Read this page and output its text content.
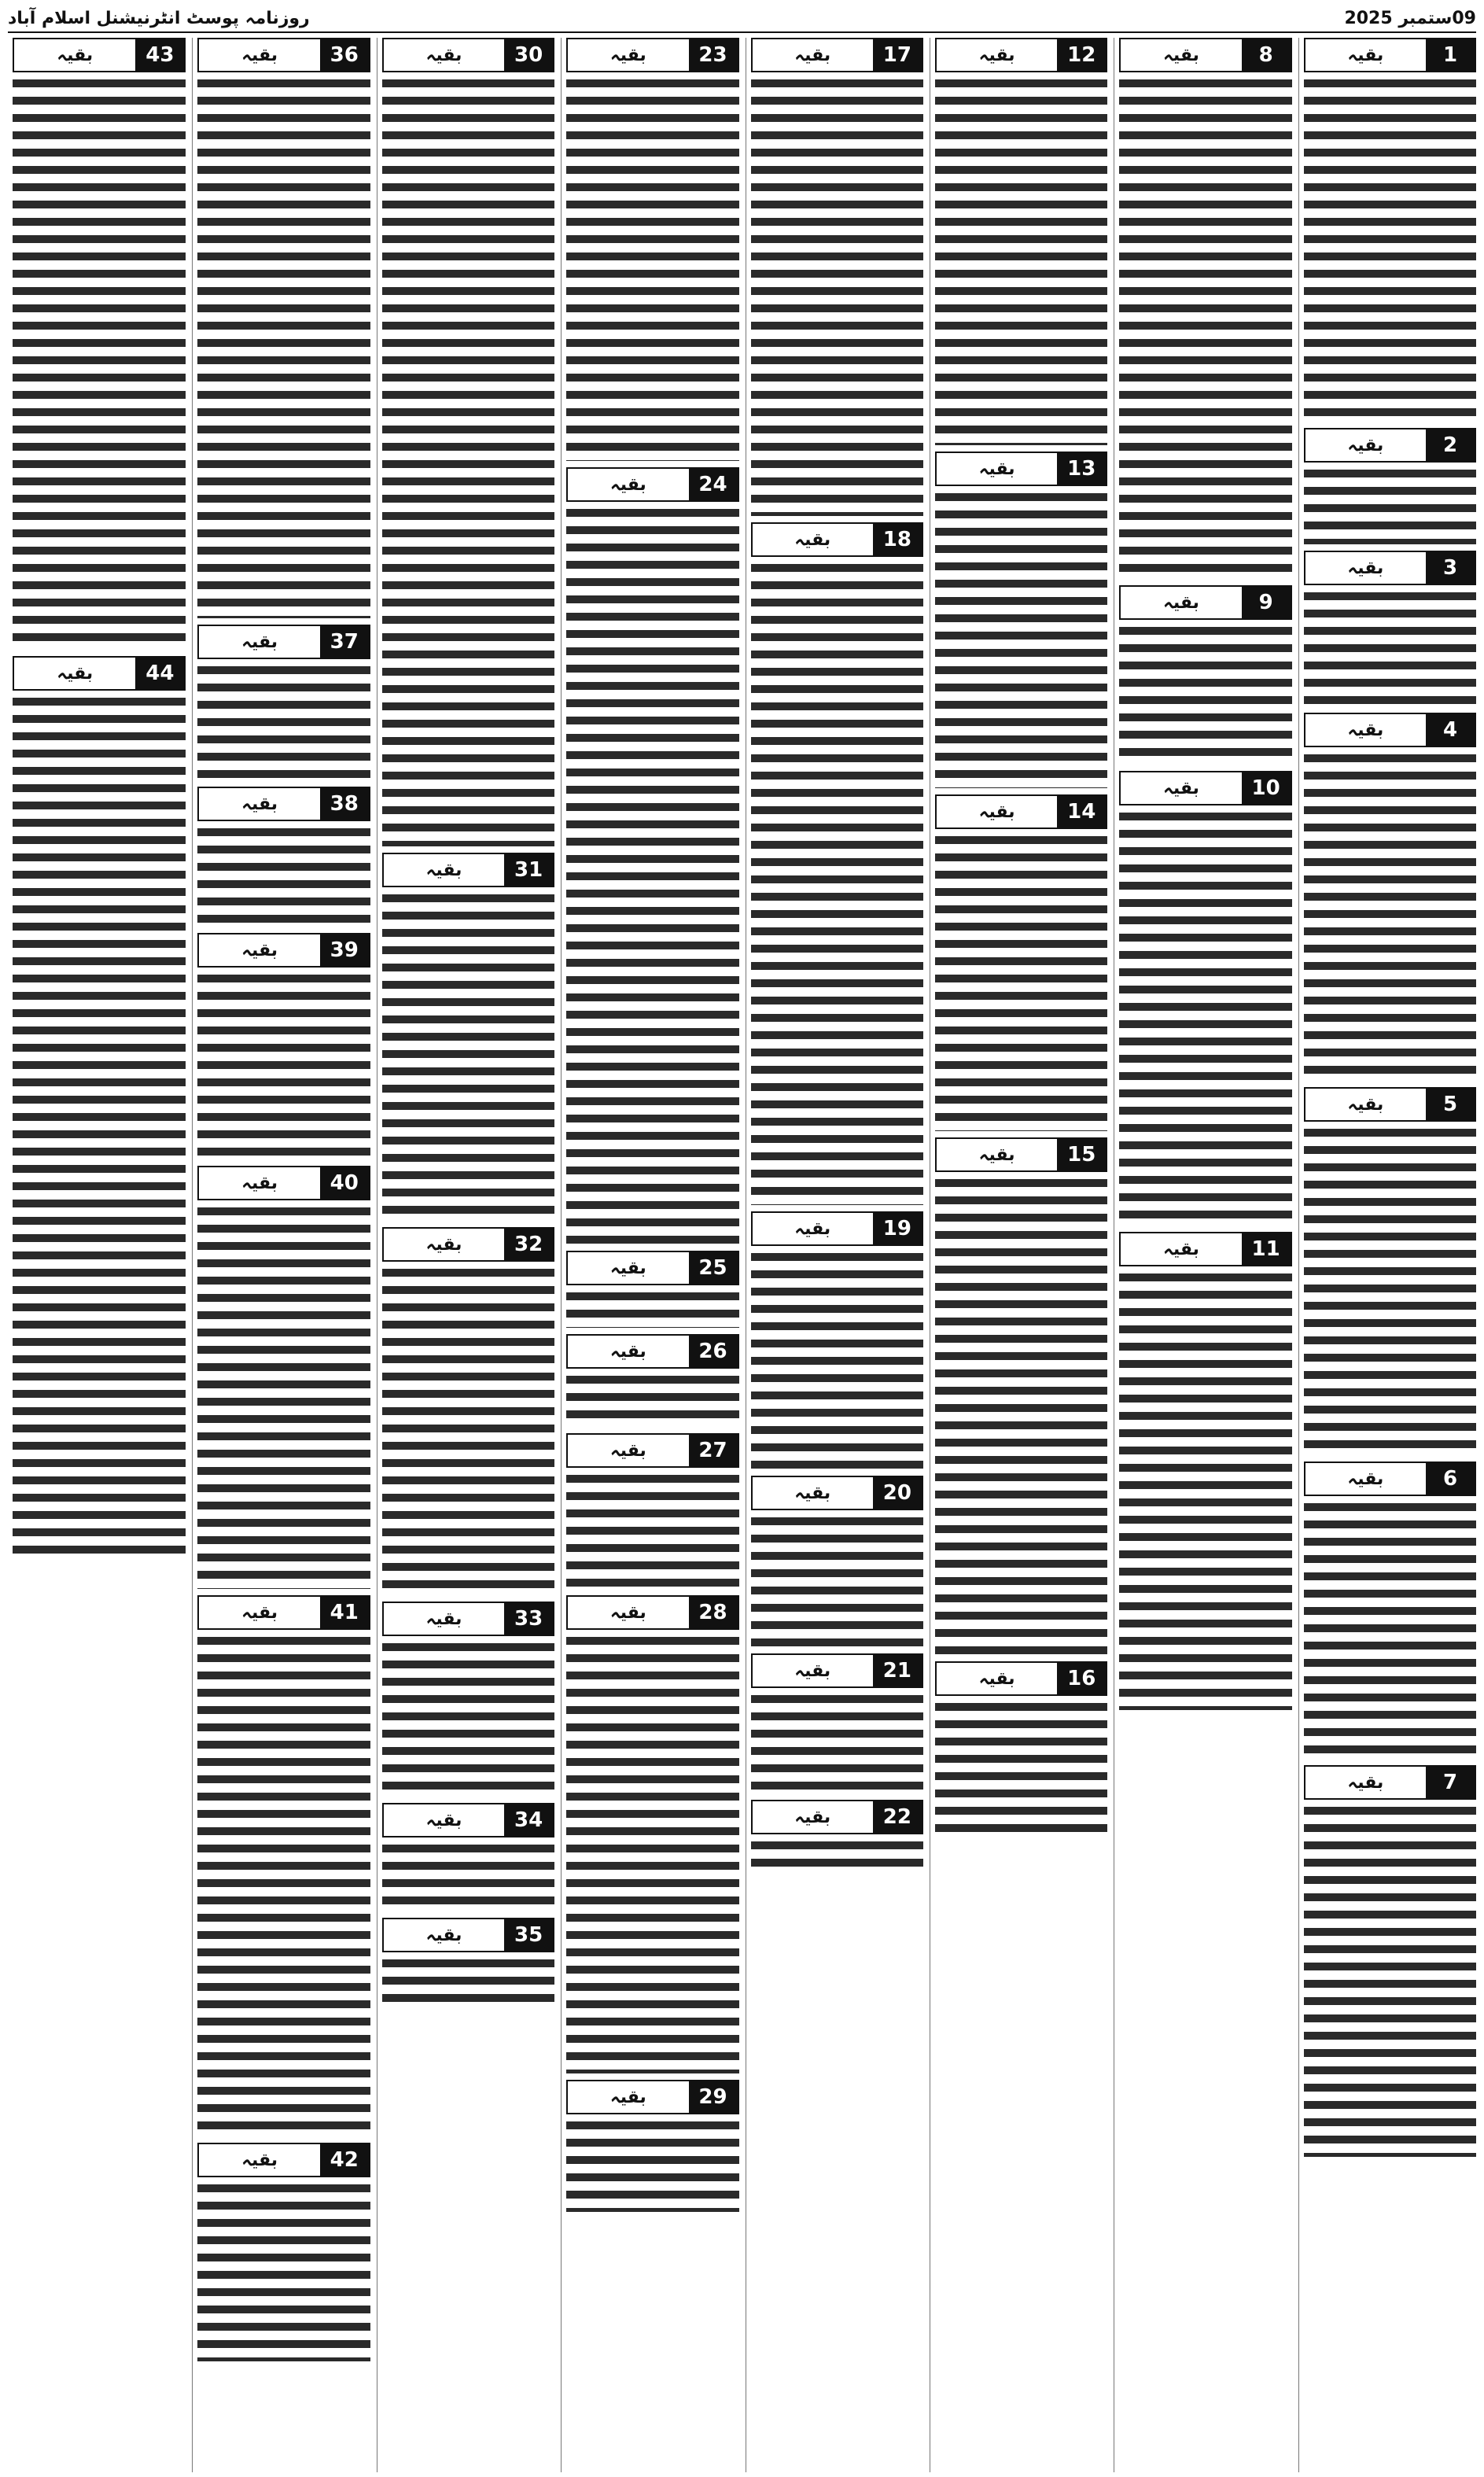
09ستمبر 2025
روزنامہ پوسٹ انٹرنیشنل اسلام آباد
1
بقیہ
2
بقیہ
3
بقیہ
4
بقیہ
5
بقیہ
6
بقیہ
7
بقیہ
8
بقیہ
9
بقیہ
10
بقیہ
11
بقیہ
12
بقیہ
13
بقیہ
14
بقیہ
15
بقیہ
16
بقیہ
17
بقیہ
18
بقیہ
19
بقیہ
20
بقیہ
21
بقیہ
22
بقیہ
23
بقیہ
24
بقیہ
25
بقیہ
26
بقیہ
27
بقیہ
28
بقیہ
29
بقیہ
30
بقیہ
31
بقیہ
32
بقیہ
33
بقیہ
34
بقیہ
35
بقیہ
36
بقیہ
37
بقیہ
38
بقیہ
39
بقیہ
40
بقیہ
41
بقیہ
42
بقیہ
43
بقیہ
44
بقیہ
